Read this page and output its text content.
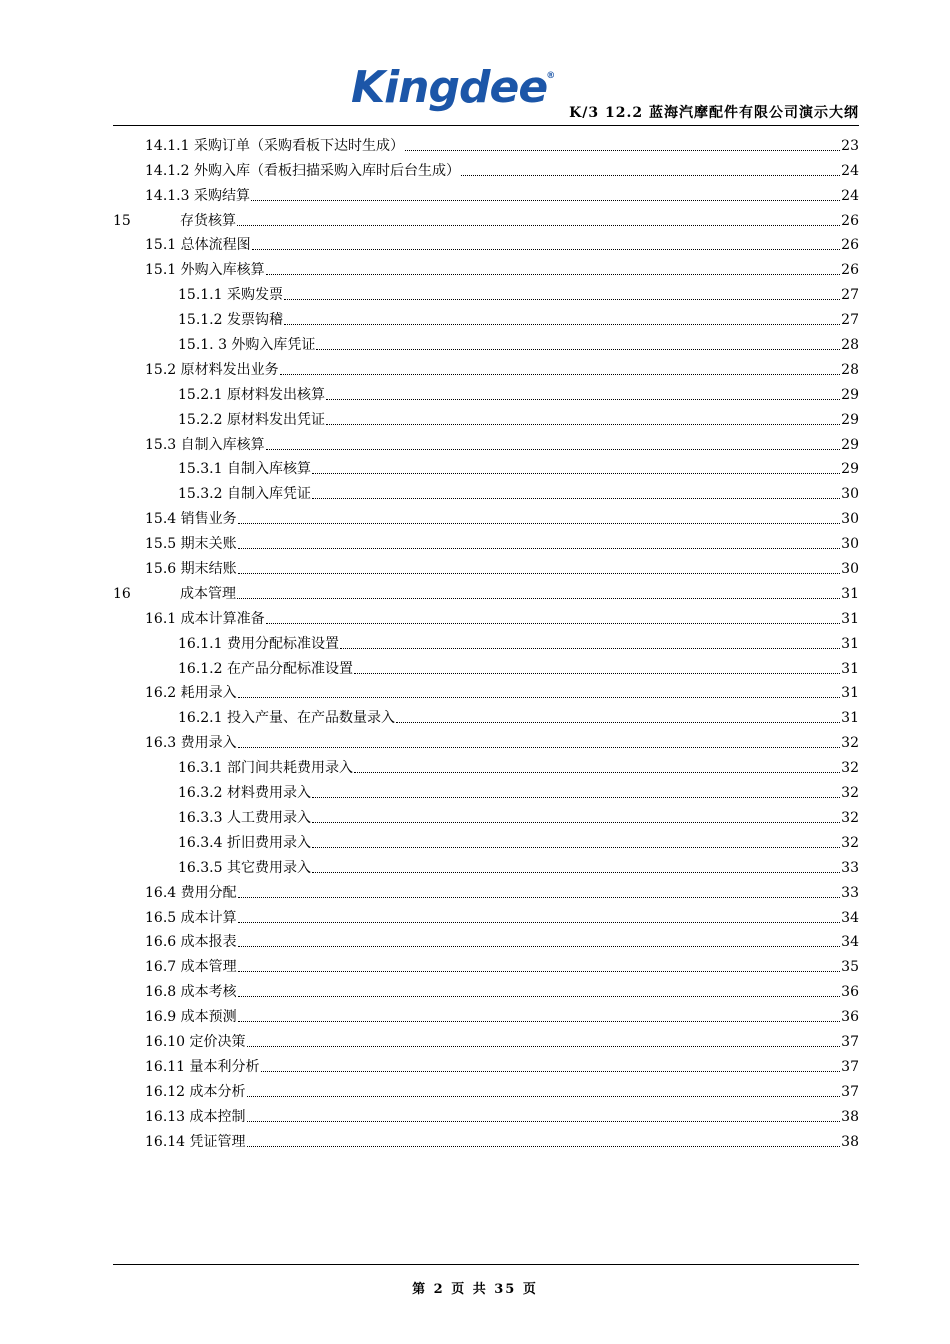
Kingdee®
K/3 12.2 蓝海汽摩配件有限公司演示大纲
14.1.1 采购订单（采购看板下达时生成）	23
14.1.2 外购入库（看板扫描采购入库时后台生成）	24
14.1.3 采购结算	24
15	存货核算	26
15.1 总体流程图	26
15.1 外购入库核算	26
15.1.1 采购发票	27
15.1.2 发票钩稽	27
15.1. 3 外购入库凭证	28
15.2 原材料发出业务	28
15.2.1 原材料发出核算	29
15.2.2 原材料发出凭证	29
15.3 自制入库核算	29
15.3.1 自制入库核算	29
15.3.2 自制入库凭证	30
15.4 销售业务	30
15.5 期末关账	30
15.6 期末结账	30
16	成本管理	31
16.1 成本计算准备	31
16.1.1 费用分配标准设置	31
16.1.2 在产品分配标准设置	31
16.2 耗用录入	31
16.2.1 投入产量、在产品数量录入	31
16.3 费用录入	32
16.3.1 部门间共耗费用录入	32
16.3.2 材料费用录入	32
16.3.3 人工费用录入	32
16.3.4 折旧费用录入	32
16.3.5 其它费用录入	33
16.4 费用分配	33
16.5 成本计算	34
16.6 成本报表	34
16.7 成本管理	35
16.8 成本考核	36
16.9 成本预测	36
16.10 定价决策	37
16.11 量本利分析	37
16.12 成本分析	37
16.13 成本控制	38
16.14 凭证管理	38
第 2 页 共 35 页
